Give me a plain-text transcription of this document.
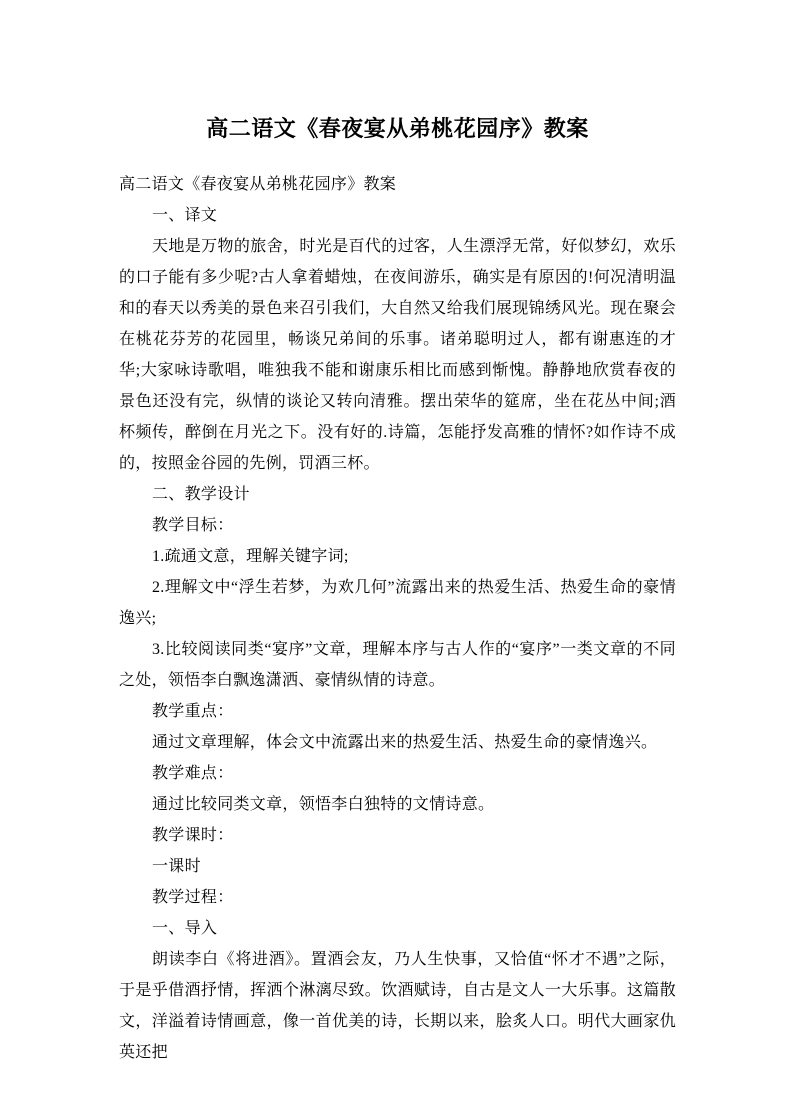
高二语文《春夜宴从弟桃花园序》教案

高二语文《春夜宴从弟桃花园序》教案

一、译文

天地是万物的旅舍，时光是百代的过客，人生漂浮无常，好似梦幻，欢乐的口子能有多少呢?古人拿着蜡烛，在夜间游乐，确实是有原因的!何况清明温和的春天以秀美的景色来召引我们，大自然又给我们展现锦绣风光。现在聚会在桃花芬芳的花园里，畅谈兄弟间的乐事。诸弟聪明过人，都有谢惠连的才华;大家咏诗歌唱，唯独我不能和谢康乐相比而感到惭愧。静静地欣赏春夜的景色还没有完，纵情的谈论又转向清雅。摆出荣华的筵席，坐在花丛中间;酒杯频传，醉倒在月光之下。没有好的.诗篇，怎能抒发高雅的情怀?如作诗不成的，按照金谷园的先例，罚酒三杯。

二、教学设计

教学目标：

1.疏通文意，理解关键字词;

2.理解文中“浮生若梦，为欢几何”流露出来的热爱生活、热爱生命的豪情逸兴;

3.比较阅读同类“宴序”文章，理解本序与古人作的“宴序”一类文章的不同之处，领悟李白飘逸潇洒、豪情纵情的诗意。

教学重点：

通过文章理解，体会文中流露出来的热爱生活、热爱生命的豪情逸兴。

教学难点：

通过比较同类文章，领悟李白独特的文情诗意。

教学课时：

一课时

教学过程：

一、导入

朗读李白《将进酒》。置酒会友，乃人生快事，又恰值“怀才不遇”之际，于是乎借酒抒情，挥洒个淋漓尽致。饮酒赋诗，自古是文人一大乐事。这篇散文，洋溢着诗情画意，像一首优美的诗，长期以来，脍炙人口。明代大画家仇英还把
